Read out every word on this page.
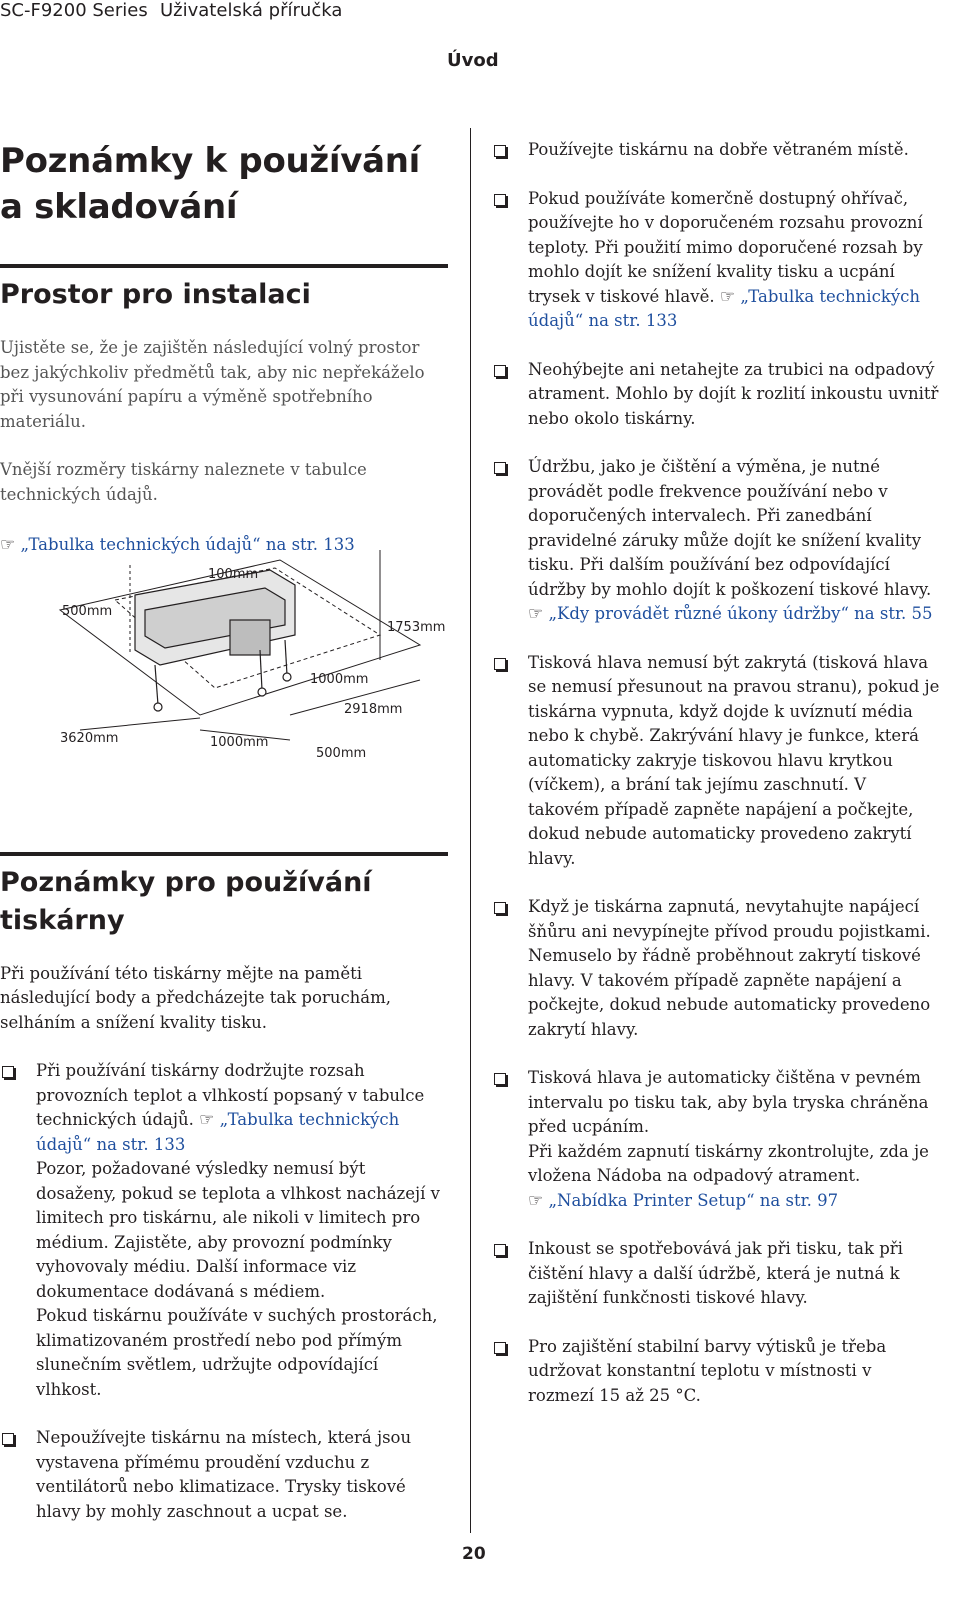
SC-F9200 Series Uživatelská příručka
Úvod
Poznámky k používání a skladování
Prostor pro instalaci

Ujistěte se, že je zajištěn následující volný prostor bez jakýchkoliv předmětů tak, aby nic nepřekáželo při vysunování papíru a výměně spotřebního materiálu.

Vnější rozměry tiskárny naleznete v tabulce technických údajů.

☞ „Tabulka technických údajů“ na str. 133

Poznámky pro používání tiskárny

Při používání této tiskárny mějte na paměti následující body a předcházejte tak poruchám, selháním a snížení kvality tisku.

Při používání tiskárny dodržujte rozsah provozních teplot a vlhkostí popsaný v tabulce technických údajů. ☞ „Tabulka technických údajů“ na str. 133
Pozor, požadované výsledky nemusí být dosaženy, pokud se teplota a vlhkost nacházejí v limitech pro tiskárnu, ale nikoli v limitech pro médium. Zajistěte, aby provozní podmínky vyhovovaly médiu. Další informace viz dokumentace dodávaná s médiem.
Pokud tiskárnu používáte v suchých prostorách, klimatizovaném prostředí nebo pod přímým slunečním světlem, udržujte odpovídající vlhkost.
Nepoužívejte tiskárnu na místech, která jsou vystavena přímému proudění vzduchu z ventilátorů nebo klimatizace. Trysky tiskové hlavy by mohly zaschnout a ucpat se.
100mm
500mm
1753mm
1000mm
2918mm
3620mm	1000mm
500mm
Používejte tiskárnu na dobře větraném místě.
Pokud používáte komerčně dostupný ohřívač, používejte ho v doporučeném rozsahu provozní teploty. Při použití mimo doporučené rozsah by mohlo dojít ke snížení kvality tisku a ucpání trysek v tiskové hlavě. ☞ „Tabulka technických údajů“ na str. 133
Neohýbejte ani netahejte za trubici na odpadový atrament. Mohlo by dojít k rozlití inkoustu uvnitř nebo okolo tiskárny.
Údržbu, jako je čištění a výměna, je nutné provádět podle frekvence používání nebo v doporučených intervalech. Při zanedbání pravidelné záruky může dojít ke snížení kvality tisku. Při dalším používání bez odpovídající údržby by mohlo dojít k poškození tiskové hlavy.
☞ „Kdy provádět různé úkony údržby“ na str. 55
Tisková hlava nemusí být zakrytá (tisková hlava se nemusí přesunout na pravou stranu), pokud je tiskárna vypnuta, když dojde k uvíznutí média nebo k chybě. Zakrývání hlavy je funkce, která automaticky zakryje tiskovou hlavu krytkou (víčkem), a brání tak jejímu zaschnutí. V takovém případě zapněte napájení a počkejte, dokud nebude automaticky provedeno zakrytí hlavy.
Když je tiskárna zapnutá, nevytahujte napájecí šňůru ani nevypínejte přívod proudu pojistkami. Nemuselo by řádně proběhnout zakrytí tiskové hlavy. V takovém případě zapněte napájení a počkejte, dokud nebude automaticky provedeno zakrytí hlavy.
Tisková hlava je automaticky čištěna v pevném intervalu po tisku tak, aby byla tryska chráněna před ucpáním.
Při každém zapnutí tiskárny zkontrolujte, zda je vložena Nádoba na odpadový atrament.
☞ „Nabídka Printer Setup“ na str. 97
Inkoust se spotřebovává jak při tisku, tak při čištění hlavy a další údržbě, která je nutná k zajištění funkčnosti tiskové hlavy.
Pro zajištění stabilní barvy výtisků je třeba udržovat konstantní teplotu v místnosti v rozmezí 15 až 25 °C.
20
